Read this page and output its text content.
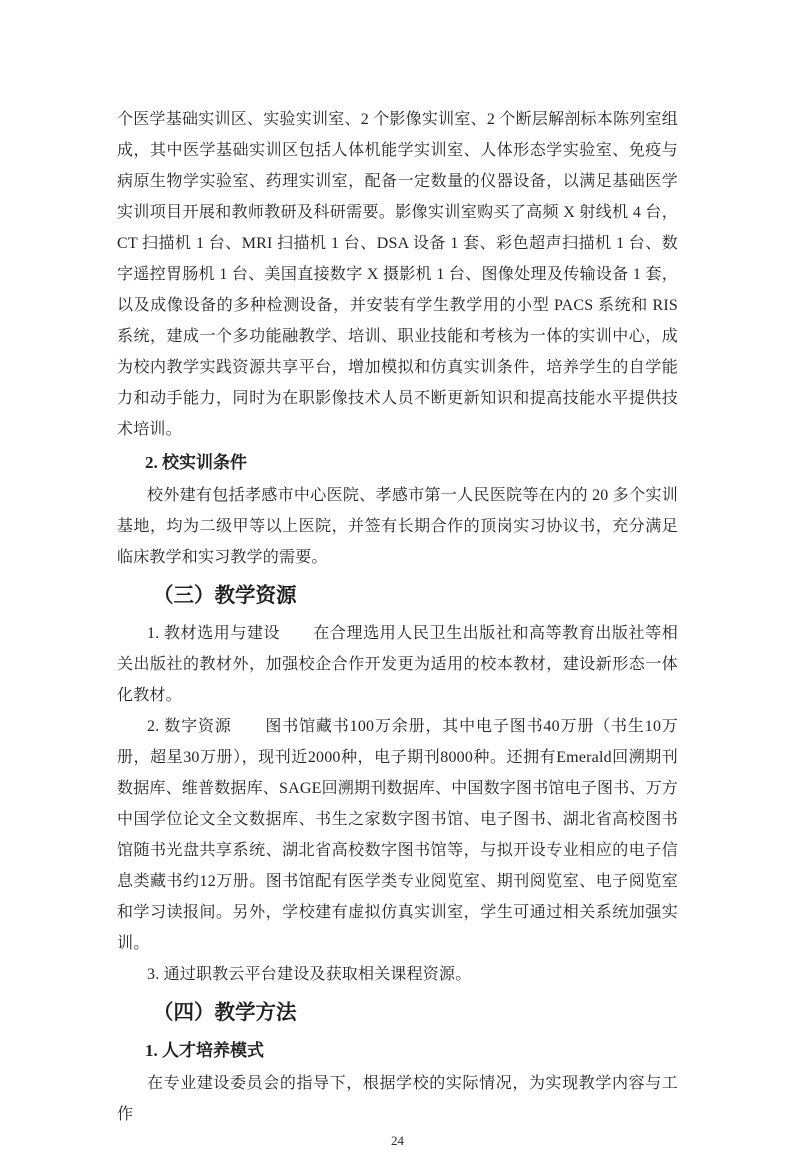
个医学基础实训区、实验实训室、2 个影像实训室、2 个断层解剖标本陈列室组成，其中医学基础实训区包括人体机能学实训室、人体形态学实验室、免疫与病原生物学实验室、药理实训室，配备一定数量的仪器设备，以满足基础医学实训项目开展和教师教研及科研需要。影像实训室购买了高频 X 射线机 4 台，CT 扫描机 1 台、MRI 扫描机 1 台、DSA 设备 1 套、彩色超声扫描机 1 台、数字遥控胃肠机 1 台、美国直接数字 X 摄影机 1 台、图像处理及传输设备 1 套，以及成像设备的多种检测设备，并安装有学生教学用的小型 PACS 系统和 RIS 系统，建成一个多功能融教学、培训、职业技能和考核为一体的实训中心，成为校内教学实践资源共享平台，增加模拟和仿真实训条件，培养学生的自学能力和动手能力，同时为在职影像技术人员不断更新知识和提高技能水平提供技术培训。

2. 校实训条件

校外建有包括孝感市中心医院、孝感市第一人民医院等在内的 20 多个实训基地，均为二级甲等以上医院，并签有长期合作的顶岗实习协议书，充分满足临床教学和实习教学的需要。

（三）教学资源

1. 教材选用与建设　　在合理选用人民卫生出版社和高等教育出版社等相关出版社的教材外，加强校企合作开发更为适用的校本教材，建设新形态一体化教材。

2. 数字资源　　图书馆藏书100万余册，其中电子图书40万册（书生10万册，超星30万册），现刊近2000种，电子期刊8000种。还拥有Emerald回溯期刊数据库、维普数据库、SAGE回溯期刊数据库、中国数字图书馆电子图书、万方中国学位论文全文数据库、书生之家数字图书馆、电子图书、湖北省高校图书馆随书光盘共享系统、湖北省高校数字图书馆等，与拟开设专业相应的电子信息类藏书约12万册。图书馆配有医学类专业阅览室、期刊阅览室、电子阅览室和学习读报间。另外，学校建有虚拟仿真实训室，学生可通过相关系统加强实训。

3. 通过职教云平台建设及获取相关课程资源。

（四）教学方法

1. 人才培养模式

在专业建设委员会的指导下，根据学校的实际情况，为实现教学内容与工作

24
